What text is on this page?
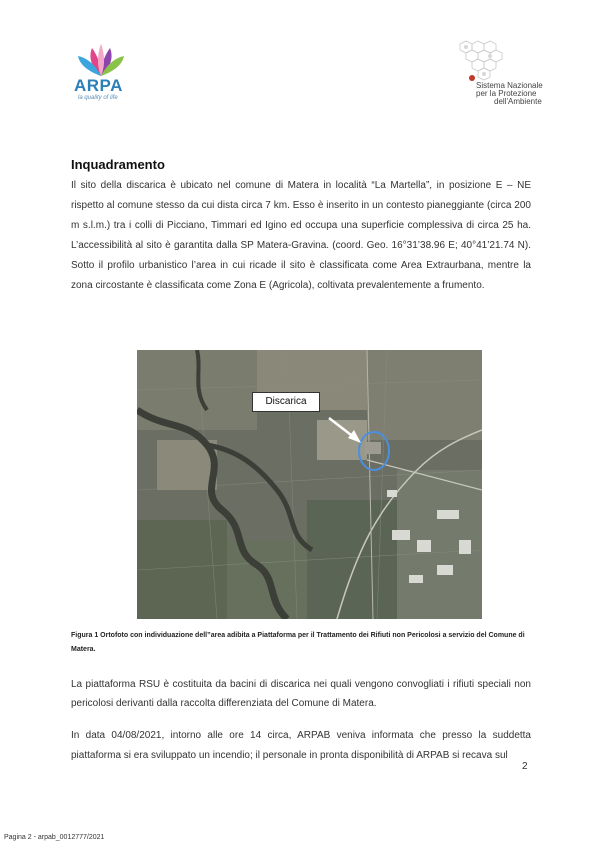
ARPA
la quality of life
Sistema Nazionale
per la Protezione
dell'Ambiente
Inquadramento

Il sito della discarica è ubicato nel comune di Matera in località “La Martella”, in posizione E – NE rispetto al comune stesso da cui dista circa 7 km. Esso è inserito in un contesto pianeggiante (circa 200 m s.l.m.) tra i colli di Picciano, Timmari ed Igino ed occupa una superficie complessiva di circa 25 ha. L’accessibilità al sito è garantita dalla SP Matera-Gravina. (coord. Geo. 16°31’38.96 E; 40°41’21.74 N). Sotto il profilo urbanistico l’area in cui ricade il sito è classificata come Area Extraurbana, mentre la zona circostante è classificata come Zona E (Agricola), coltivata prevalentemente a frumento.

Discarica
Figura 1 Ortofoto con individuazione dell’’area adibita a Piattaforma per il Trattamento dei Rifiuti non Pericolosi a servizio del Comune di Matera.

La piattaforma RSU è costituita da bacini di discarica nei quali vengono convogliati i rifiuti speciali non pericolosi derivanti dalla raccolta differenziata del Comune di Matera.

In data 04/08/2021, intorno alle ore 14 circa, ARPAB veniva informata che presso la suddetta piattaforma si era sviluppato un incendio; il personale in pronta disponibilità di ARPAB si recava sul

2
Pagina 2 - arpab_0012777/2021
